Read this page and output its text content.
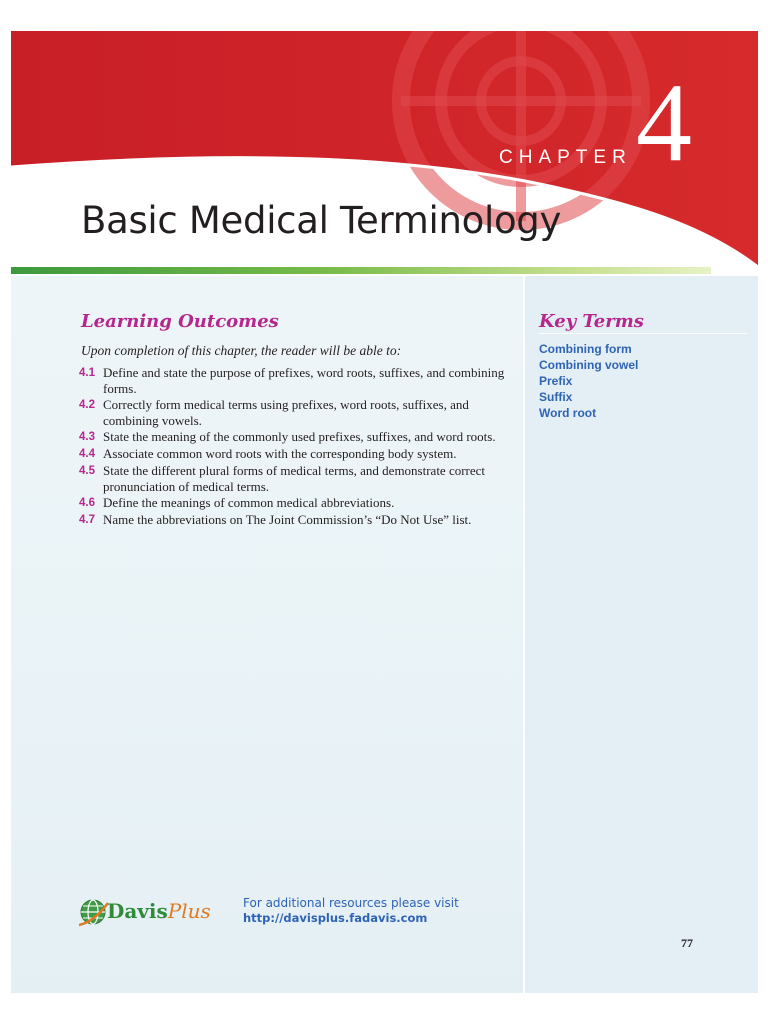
CHAPTER 4
Basic Medical Terminology
Learning Outcomes
Upon completion of this chapter, the reader will be able to:
4.1 Define and state the purpose of prefixes, word roots, suffixes, and combining forms.
4.2 Correctly form medical terms using prefixes, word roots, suffixes, and combining vowels.
4.3 State the meaning of the commonly used prefixes, suffixes, and word roots.
4.4 Associate common word roots with the corresponding body system.
4.5 State the different plural forms of medical terms, and demonstrate correct pronunciation of medical terms.
4.6 Define the meanings of common medical abbreviations.
4.7 Name the abbreviations on The Joint Commission’s “Do Not Use” list.
Key Terms
Combining form
Combining vowel
Prefix
Suffix
Word root
DavisPlus	For additional resources please visit
http://davisplus.fadavis.com
77
